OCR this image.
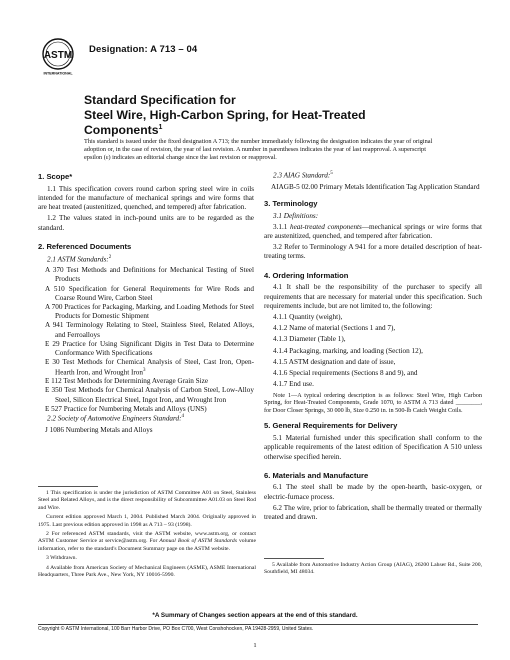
ASTM
INTERNATIONAL
Designation: A 713 – 04
Standard Specification for
Steel Wire, High-Carbon Spring, for Heat-Treated
Components$^1$
This standard is issued under the fixed designation A 713; the number immediately following the designation indicates the year of original adoption or, in the case of revision, the year of last revision. A number in parentheses indicates the year of last reapproval. A superscript epsilon (ε) indicates an editorial change since the last revision or reapproval.
1. Scope*

1.1 This specification covers round carbon spring steel wire in coils intended for the manufacture of mechanical springs and wire forms that are heat treated (austenitized, quenched, and tempered) after fabrication.

1.2 The values stated in inch-pound units are to be regarded as the standard.

2. Referenced Documents

2.1 ASTM Standards:$^2$

A 370 Test Methods and Definitions for Mechanical Testing of Steel Products

A 510 Specification for General Requirements for Wire Rods and Coarse Round Wire, Carbon Steel

A 700 Practices for Packaging, Marking, and Loading Methods for Steel Products for Domestic Shipment

A 941 Terminology Relating to Steel, Stainless Steel, Related Alloys, and Ferroalloys

E 29 Practice for Using Significant Digits in Test Data to Determine Conformance With Specifications

E 30 Test Methods for Chemical Analysis of Steel, Cast Iron, Open-Hearth Iron, and Wrought Iron$^3$

E 112 Test Methods for Determining Average Grain Size

E 350 Test Methods for Chemical Analysis of Carbon Steel, Low-Alloy Steel, Silicon Electrical Steel, Ingot Iron, and Wrought Iron

E 527 Practice for Numbering Metals and Alloys (UNS)

2.2 Society of Automotive Engineers Standard:$^4$

J 1086 Numbering Metals and Alloys

1 This specification is under the jurisdiction of ASTM Committee A01 on Steel, Stainless Steel and Related Alloys, and is the direct responsibility of Subcommittee A01.03 on Steel Rod and Wire.

Current edition approved March 1, 2004. Published March 2004. Originally approved in 1975. Last previous edition approved in 1998 as A 713 – 93 (1998).

2 For referenced ASTM standards, visit the ASTM website, www.astm.org, or contact ASTM Customer Service at service@astm.org. For Annual Book of ASTM Standards volume information, refer to the standard's Document Summary page on the ASTM website.

3 Withdrawn.

4 Available from American Society of Mechanical Engineers (ASME), ASME International Headquarters, Three Park Ave., New York, NY 10016-5990.

2.3 AIAG Standard:$^5$

AIAGB-5 02.00 Primary Metals Identification Tag Application Standard

3. Terminology

3.1 Definitions:

3.1.1 heat-treated components—mechanical springs or wire forms that are austenitized, quenched, and tempered after fabrication.

3.2 Refer to Terminology A 941 for a more detailed description of heat-treating terms.

4. Ordering Information

4.1 It shall be the responsibility of the purchaser to specify all requirements that are necessary for material under this specification. Such requirements include, but are not limited to, the following:

4.1.1 Quantity (weight),

4.1.2 Name of material (Sections 1 and 7),

4.1.3 Diameter (Table 1),

4.1.4 Packaging, marking, and loading (Section 12),

4.1.5 ASTM designation and date of issue,

4.1.6 Special requirements (Sections 8 and 9), and

4.1.7 End use.

Note 1—A typical ordering description is as follows: Steel Wire, High Carbon Spring, for Heat-Treated Components, Grade 1070, to ASTM A 713 dated ________, for Door Closer Springs, 30 000 lb, Size 0.250 in. in 500-lb Catch Weight Coils.

5. General Requirements for Delivery

5.1 Material furnished under this specification shall conform to the applicable requirements of the latest edition of Specification A 510 unless otherwise specified herein.

6. Materials and Manufacture

6.1 The steel shall be made by the open-hearth, basic-oxygen, or electric-furnace process.

6.2 The wire, prior to fabrication, shall be thermally treated or thermally treated and drawn.

5 Available from Automotive Industry Action Group (AIAG), 26200 Lahser Rd., Suite 200, Southfield, MI 48034.

*A Summary of Changes section appears at the end of this standard.
Copyright © ASTM International, 100 Barr Harbor Drive, PO Box C700, West Conshohocken, PA 19428-2959, United States.
1
